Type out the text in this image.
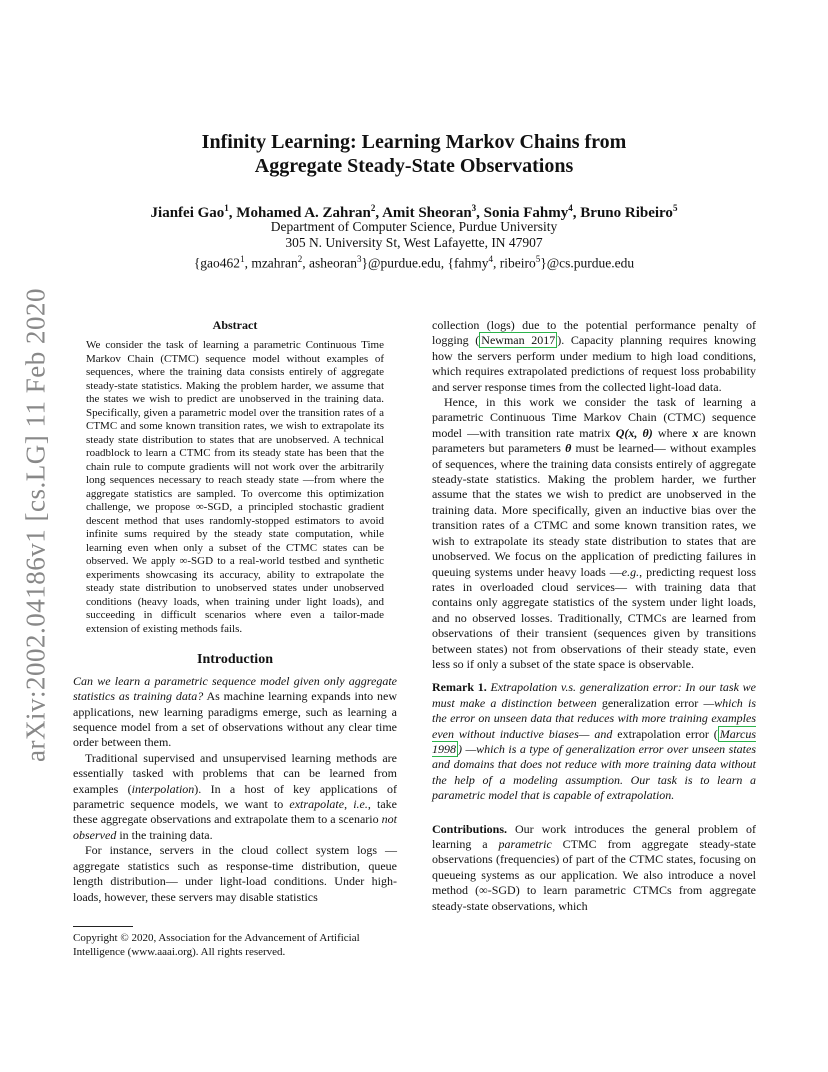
arXiv:2002.04186v1 [cs.LG] 11 Feb 2020
Infinity Learning: Learning Markov Chains from
Aggregate Steady-State Observations
Jianfei Gao$^1$, Mohamed A. Zahran$^2$, Amit Sheoran$^3$, Sonia Fahmy$^4$, Bruno Ribeiro$^5$
Department of Computer Science, Purdue University
305 N. University St, West Lafayette, IN 47907
{$gao462^1$, mzahran$^2$, asheoran$^3$}@purdue.edu, {fahmy$^4$, ribeiro$^5$}@cs.purdue.edu
Abstract

We consider the task of learning a parametric Continuous Time Markov Chain (CTMC) sequence model without examples of sequences, where the training data consists entirely of aggregate steady-state statistics. Making the problem harder, we assume that the states we wish to predict are unobserved in the training data. Specifically, given a parametric model over the transition rates of a CTMC and some known transition rates, we wish to extrapolate its steady state distribution to states that are unobserved. A technical roadblock to learn a CTMC from its steady state has been that the chain rule to compute gradients will not work over the arbitrarily long sequences necessary to reach steady state —from where the aggregate statistics are sampled. To overcome this optimization challenge, we propose ∞-SGD, a principled stochastic gradient descent method that uses randomly-stopped estimators to avoid infinite sums required by the steady state computation, while learning even when only a subset of the CTMC states can be observed. We apply ∞-SGD to a real-world testbed and synthetic experiments showcasing its accuracy, ability to extrapolate the steady state distribution to unobserved states under unobserved conditions (heavy loads, when training under light loads), and succeeding in difficult scenarios where even a tailor-made extension of existing methods fails.

Introduction

Can we learn a parametric sequence model given only aggregate statistics as training data? As machine learning expands into new applications, new learning paradigms emerge, such as learning a sequence model from a set of observations without any clear time order between them.

Traditional supervised and unsupervised learning methods are essentially tasked with problems that can be learned from examples (interpolation). In a host of key applications of parametric sequence models, we want to extrapolate, i.e., take these aggregate observations and extrapolate them to a scenario not observed in the training data.

For instance, servers in the cloud collect system logs —aggregate statistics such as response-time distribution, queue length distribution— under light-load conditions. Under high-loads, however, these servers may disable statistics

Copyright © 2020, Association for the Advancement of Artificial
Intelligence (www.aaai.org). All rights reserved.

collection (logs) due to the potential performance penalty of logging ( Newman 2017 ). Capacity planning requires knowing how the servers perform under medium to high load conditions, which requires extrapolated predictions of request loss probability and server response times from the collected light-load data.

Hence, in this work we consider the task of learning a parametric Continuous Time Markov Chain (CTMC) sequence model —with transition rate matrix Q(x, θ) where x are known parameters but parameters θ must be learned— without examples of sequences, where the training data consists entirely of aggregate steady-state statistics. Making the problem harder, we further assume that the states we wish to predict are unobserved in the training data. More specifically, given an inductive bias over the transition rates of a CTMC and some known transition rates, we wish to extrapolate its steady state distribution to states that are unobserved. We focus on the application of predicting failures in queuing systems under heavy loads —e.g., predicting request loss rates in overloaded cloud services— with training data that contains only aggregate statistics of the system under light loads, and no observed losses. Traditionally, CTMCs are learned from observations of their transient (sequences given by transitions between states) not from observations of their steady state, even less so if only a subset of the state space is observable.

Remark 1. Extrapolation v.s. generalization error: In our task we must make a distinction between generalization error —which is the error on unseen data that reduces with more training examples even without inductive biases— and extrapolation error ( Marcus 1998 ) —which is a type of generalization error over unseen states and domains that does not reduce with more training data without the help of a modeling assumption. Our task is to learn a parametric model that is capable of extrapolation.

Contributions. Our work introduces the general problem of learning a parametric CTMC from aggregate steady-state observations (frequencies) of part of the CTMC states, focusing on queueing systems as our application. We also introduce a novel method (∞-SGD) to learn parametric CTMCs from aggregate steady-state observations, which
